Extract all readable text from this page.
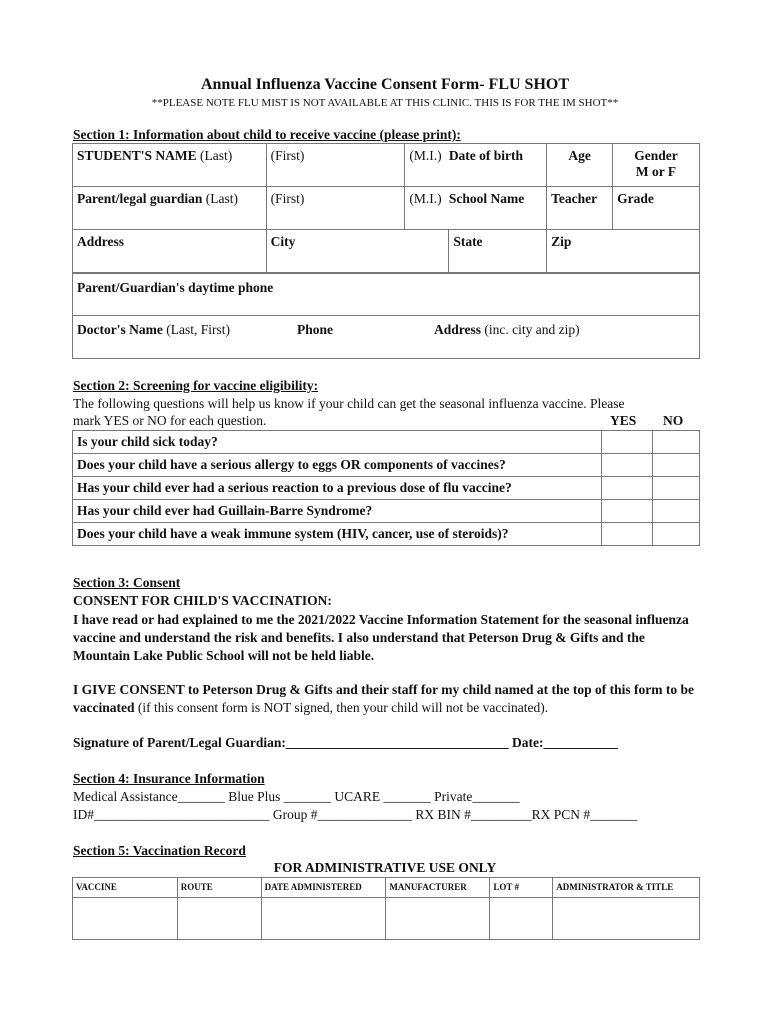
Annual Influenza Vaccine Consent Form- FLU SHOT
**PLEASE NOTE FLU MIST IS NOT AVAILABLE AT THIS CLINIC. THIS IS FOR THE IM SHOT**
Section 1: Information about child to receive vaccine (please print):
STUDENT'S NAME (Last)	(First)	(M.I.)	Date of birth	Age	Gender
M or F

Parent/legal guardian (Last)	(First)	(M.I.)	School Name	Teacher	Grade
Address	City		State	Zip	
Parent/Guardian's daytime phone
Doctor's Name (Last, First)	Phone	Address (inc. city and zip)
Section 2: Screening for vaccine eligibility:
The following questions will help us know if your child can get the seasonal influenza vaccine. Please
mark YES or NO for each question.	YES NO
Is your child sick today?		
Does your child have a serious allergy to eggs OR components of vaccines?		
Has your child ever had a serious reaction to a previous dose of flu vaccine?		
Has your child ever had Guillain-Barre Syndrome?		
Does your child have a weak immune system (HIV, cancer, use of steroids)?		
Section 3: Consent
CONSENT FOR CHILD'S VACCINATION:
I have read or had explained to me the 2021/2022 Vaccine Information Statement for the seasonal influenza vaccine and understand the risk and benefits. I also understand that Peterson Drug & Gifts and the Mountain Lake Public School will not be held liable.
I GIVE CONSENT to Peterson Drug & Gifts and their staff for my child named at the top of this form to be vaccinated (if this consent form is NOT signed, then your child will not be vaccinated).
Signature of Parent/Legal Guardian:_________________________________ Date:___________
Section 4: Insurance Information
Medical Assistance_______ Blue Plus _______ UCARE _______ Private_______
ID#__________________________ Group #______________ RX BIN #_________RX PCN #_______
Section 5: Vaccination Record
FOR ADMINISTRATIVE USE ONLY
VACCINE	ROUTE	DATE ADMINISTERED	MANUFACTURER	LOT #	ADMINISTRATOR & TITLE
